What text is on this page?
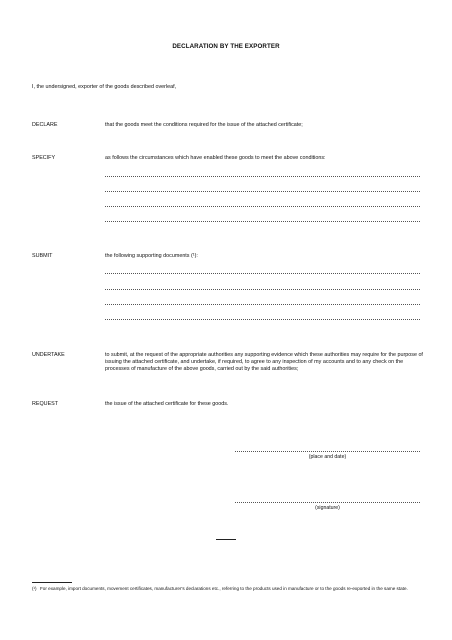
DECLARATION BY THE EXPORTER
I, the undersigned, exporter of the goods described overleaf,
DECLARE	that the goods meet the conditions required for the issue of the attached certificate;
SPECIFY	as follows the circumstances which have enabled these goods to meet the above conditions:
SUBMIT	the following supporting documents (¹):
UNDERTAKE	to submit, at the request of the appropriate authorities any supporting evidence which these authorities may require for the purpose of issuing the attached certificate, and undertake, if required, to agree to any inspection of my accounts and to any check on the processes of manufacture of the above goods, carried out by the said authorities;
REQUEST	the issue of the attached certificate for these goods.
(place and date)
(signature)
(¹) For example, import documents, movement certificates, manufacturer's declarations etc., referring to the products used in manufacture or to the goods re-exported in the same state.
